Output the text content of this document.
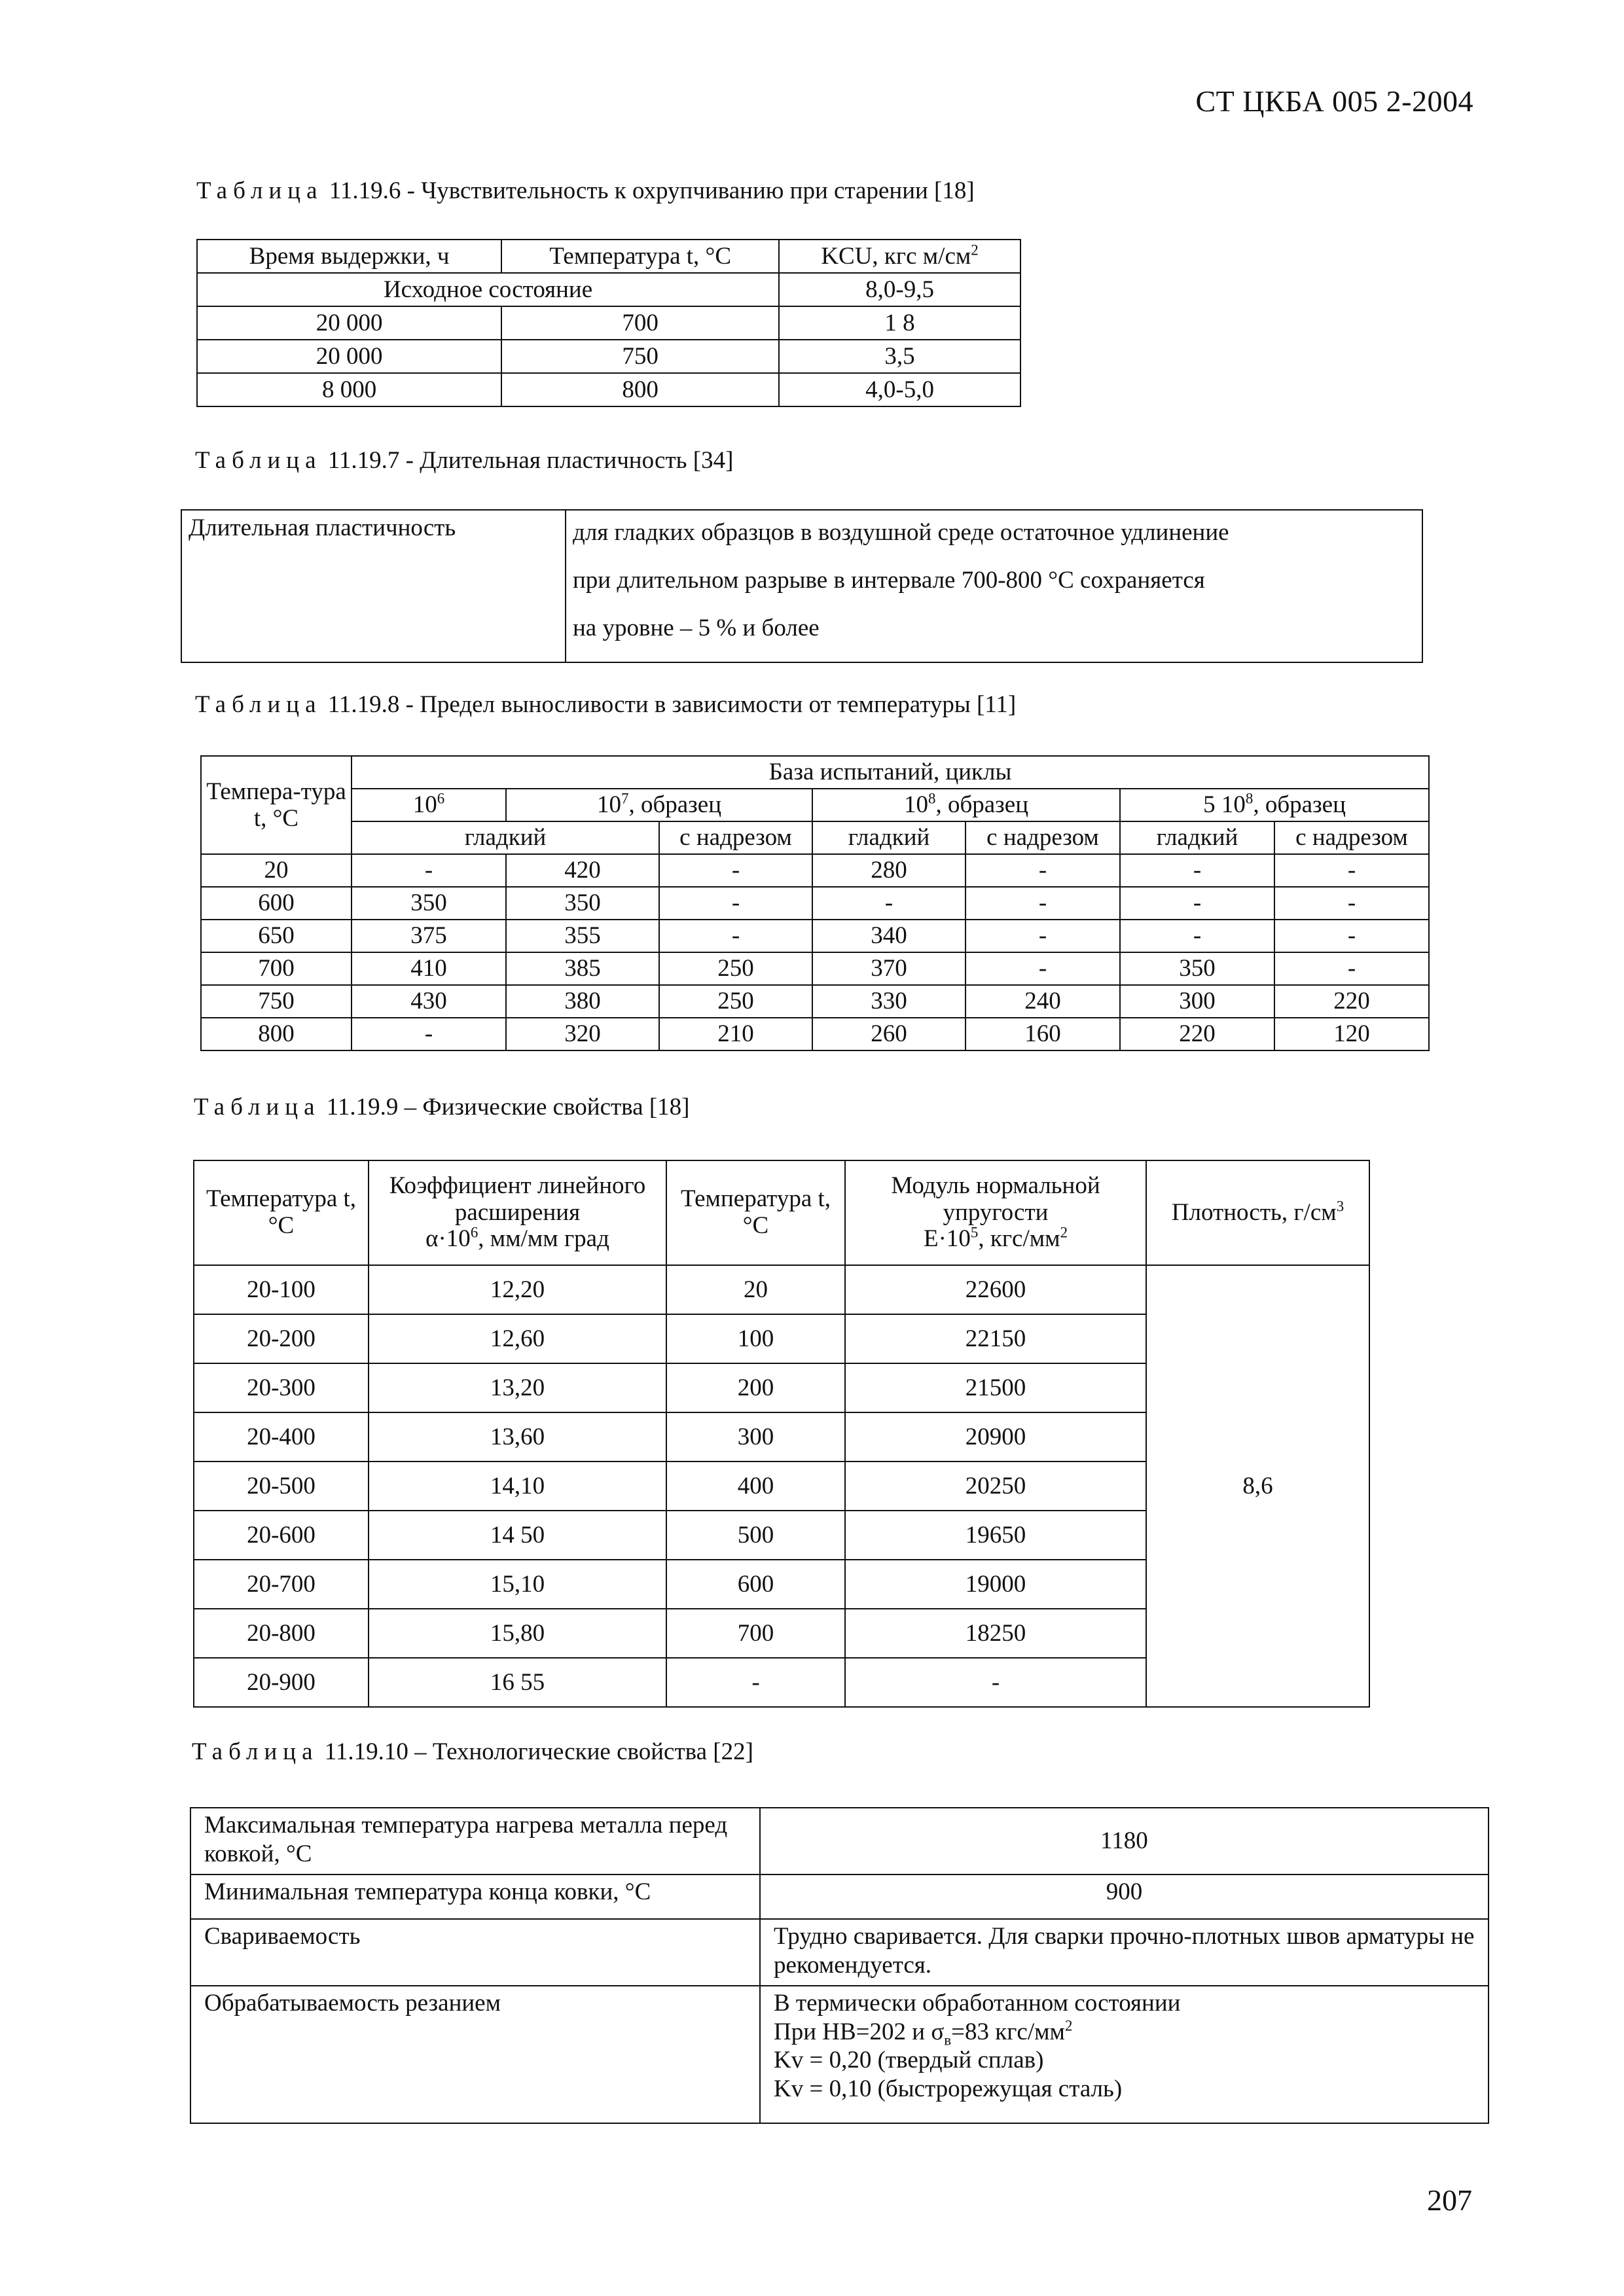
СТ ЦКБА 005 2-2004
Таблица 11.19.6 - Чувствительность к охрупчиванию при старении [18]
Время выдержки, ч	Температура t, °С	KCU, кгс $м/см^2$
Исходное состояние		8,0-9,5
20 000	700	1 8
20 000	750	3,5
8 000	800	4,0-5,0
Таблица 11.19.7 - Длительная пластичность [34]
Длительная пластичность	для гладких образцов в воздушной среде остаточное удлинение
при длительном разрыве в интервале 700-800 °С сохраняется
на уровне – 5 % и более
Таблица 11.19.8 - Предел выносливости в зависимости от температуры [11]
Темпера-тура t, °С	База испытаний, циклы						
	$10^6$	$10^7$, образец		$10^8$, образец		5 $10^8$, образец	
	гладкий		с надрезом	гладкий	с надрезом	гладкий	с надрезом
20	-	420	-	280	-	-	-
600	350	350	-	-	-	-	-
650	375	355	-	340	-	-	-
700	410	385	250	370	-	350	-
750	430	380	250	330	240	300	220
800	-	320	210	260	160	220	120
Таблица 11.19.9 – Физические свойства [18]
Температура t, °С	Коэффициент линейного расширения
$\alpha\cdot 10^6$, мм/мм град	Температура t, °С	Модуль нормальной упругости
$E\cdot 10^5$, кгс/$мм^2$	Плотность, $г/см^3$
20-100	12,20	20	22600	8,6
20-200	12,60	100	22150	
20-300	13,20	200	21500	
20-400	13,60	300	20900	
20-500	14,10	400	20250	
20-600	14 50	500	19650	
20-700	15,10	600	19000	
20-800	15,80	700	18250	
20-900	16 55	-	-	
Таблица 11.19.10 – Технологические свойства [22]
Максимальная температура нагрева металла перед ковкой, °С	1180
Минимальная температура конца ковки, °С	900
Свариваемость	Трудно сваривается. Для сварки прочно-плотных швов арматуры не рекомендуется.
Обрабатываемость резанием	В термически обработанном состоянии
При НВ=202 и $\sigma_в=83$ кгс/$мм^2$
Kv = 0,20 (твердый сплав)
Kv = 0,10 (быстрорежущая сталь)
207
